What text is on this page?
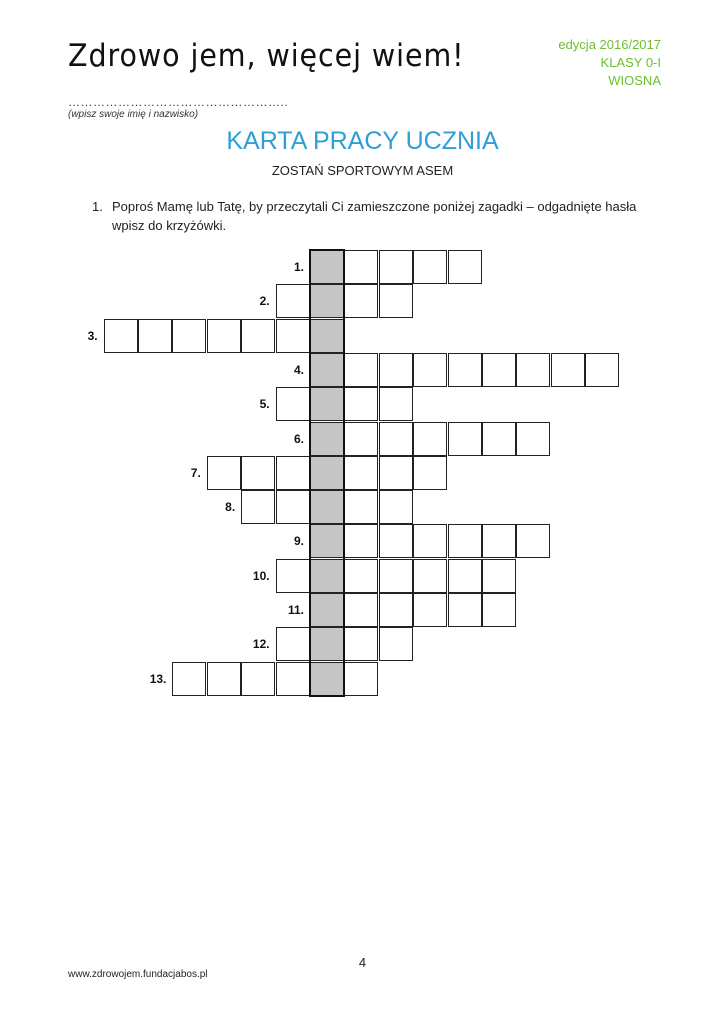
Zdrowo jem, więcej wiem!	edycja 2016/2017
KLASY 0-I
WIOSNA
……………………………………………..
(wpisz swoje imię i nazwisko)
KARTA PRACY UCZNIA
ZOSTAŃ SPORTOWYM ASEM
1. Poproś Mamę lub Tatę, by przeczytali Ci zamieszczone poniżej zagadki – odgadnięte hasła wpisz do krzyżówki.
1.
2.
3.
4.
5.
6.
7.
8.
9.
10.
11.
12.
13.
4
www.zdrowojem.fundacjabos.pl
